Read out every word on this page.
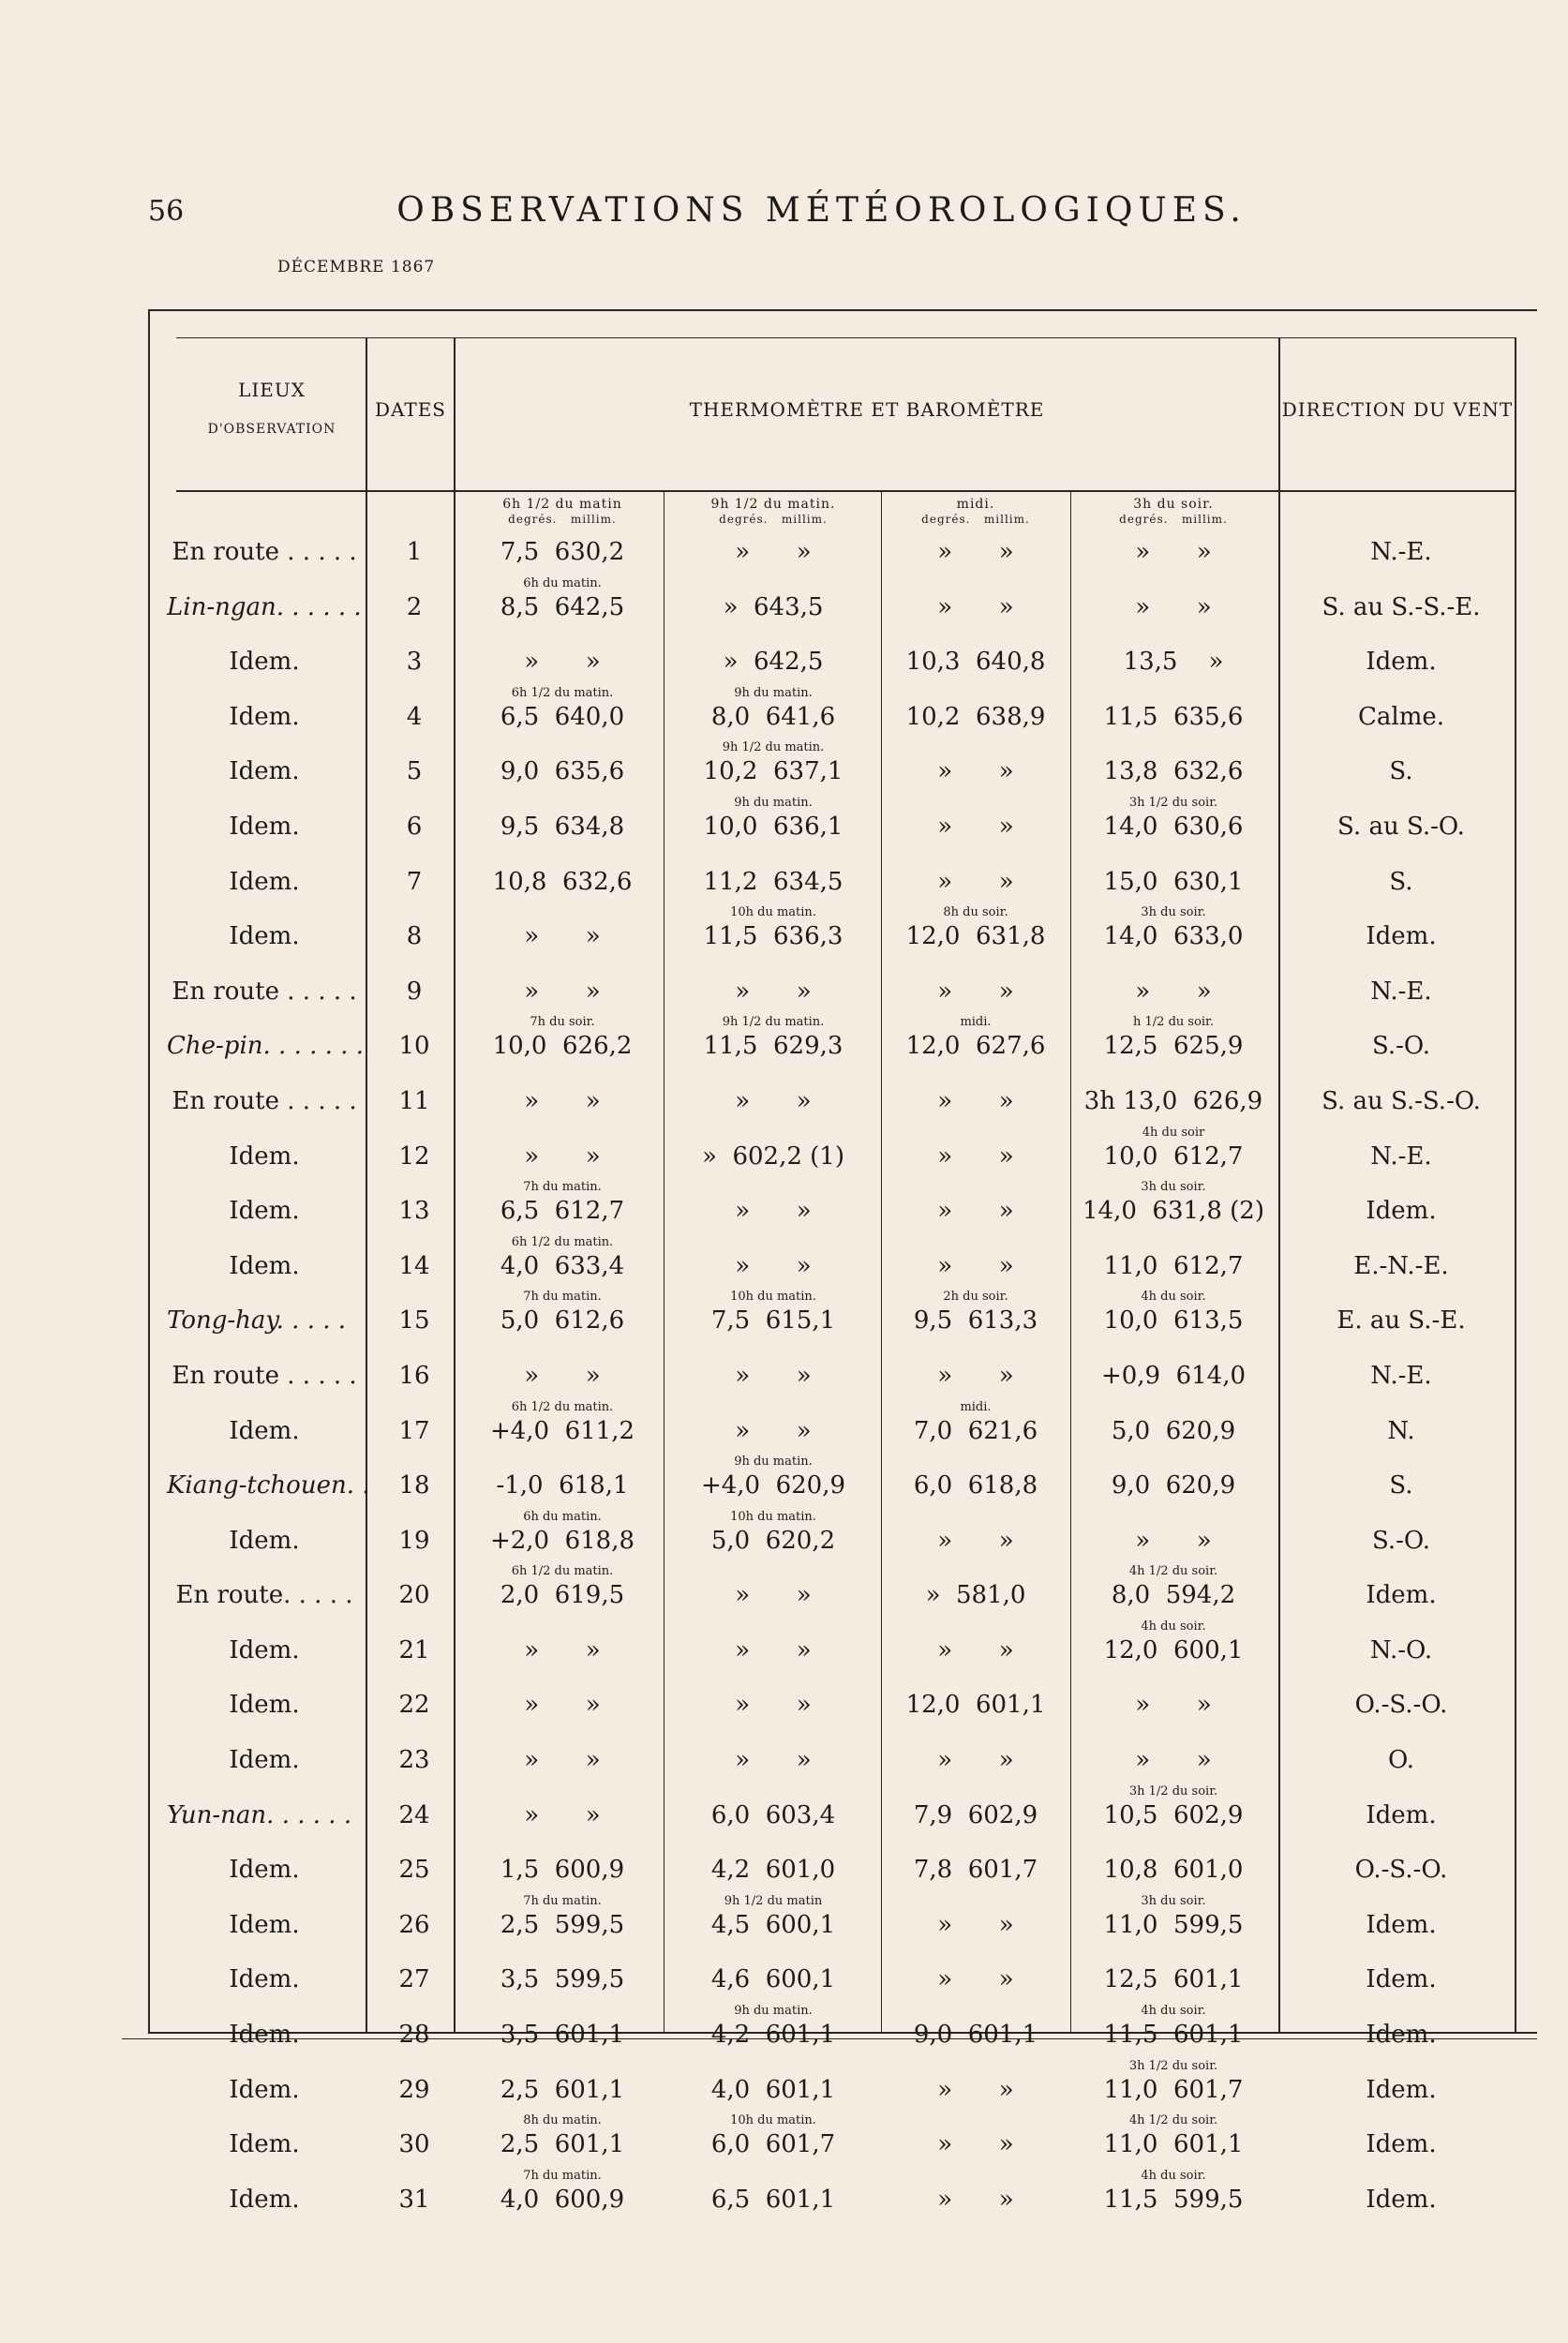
56	OBSERVATIONS MÉTÉOROLOGIQUES.
DÉCEMBRE 1867
LIEUX
D'OBSERVATION
DATES	THERMOMÈTRE ET BAROMÈTRE	DIRECTION DU VENT
6h 1/2 du matin	9h 1/2 du matin.	midi.	3h du soir.
degrés.   millim.	degrés.   millim.	degrés.   millim.	degrés.   millim.
En route . . . . .	1	7,5  630,2	»      »	»      »	»      »	N.-E.
Lin-ngan. . . . . .	2	8,5  642,5	»  643,5	»      »	»      »	S. au S.-S.-E.
6h du matin.
Idem.	3	»      »	»  642,5	10,3  640,8	13,5    »	Idem.
Idem.	4	6,5  640,0	8,0  641,6	10,2  638,9	11,5  635,6	Calme.
6h 1/2 du matin.	9h du matin.
Idem.	5	9,0  635,6	10,2  637,1	»      »	13,8  632,6	S.
9h 1/2 du matin.
Idem.	6	9,5  634,8	10,0  636,1	»      »	14,0  630,6	S. au S.-O.
9h du matin.	3h 1/2 du soir.
Idem.	7	10,8  632,6	11,2  634,5	»      »	15,0  630,1	S.
Idem.	8	»      »	11,5  636,3	12,0  631,8	14,0  633,0	Idem.
10h du matin.	8h du soir.	3h du soir.
En route . . . . .	9	»      »	»      »	»      »	»      »	N.-E.
Che-pin. . . . . . .	10	10,0  626,2	11,5  629,3	12,0  627,6	12,5  625,9	S.-O.
7h du soir.	9h 1/2 du matin.	midi.	h 1/2 du soir.
En route . . . . .	11	»      »	»      »	»      »	3h 13,0  626,9	S. au S.-S.-O.
Idem.	12	»      »	»  602,2 (1)	»      »	10,0  612,7	N.-E.
4h du soir
Idem.	13	6,5  612,7	»      »	»      »	14,0  631,8 (2)	Idem.
7h du matin.	3h du soir.
Idem.	14	4,0  633,4	»      »	»      »	11,0  612,7	E.-N.-E.
6h 1/2 du matin.
Tong-hay. . . . .	15	5,0  612,6	7,5  615,1	9,5  613,3	10,0  613,5	E. au S.-E.
7h du matin.	10h du matin.	2h du soir.	4h du soir.
En route . . . . .	16	»      »	»      »	»      »	+0,9  614,0	N.-E.
Idem.	17	+4,0  611,2	»      »	7,0  621,6	5,0  620,9	N.
6h 1/2 du matin.	midi.
Kiang-tchouen. .	18	-1,0  618,1	+4,0  620,9	6,0  618,8	9,0  620,9	S.
9h du matin.
Idem.	19	+2,0  618,8	5,0  620,2	»      »	»      »	S.-O.
6h du matin.	10h du matin.
En route. . . . .	20	2,0  619,5	»      »	»  581,0	8,0  594,2	Idem.
6h 1/2 du matin.	4h 1/2 du soir.
Idem.	21	»      »	»      »	»      »	12,0  600,1	N.-O.
4h du soir.
Idem.	22	»      »	»      »	12,0  601,1	»      »	O.-S.-O.
Idem.	23	»      »	»      »	»      »	»      »	O.
Yun-nan. . . . . .	24	»      »	6,0  603,4	7,9  602,9	10,5  602,9	Idem.
3h 1/2 du soir.
Idem.	25	1,5  600,9	4,2  601,0	7,8  601,7	10,8  601,0	O.-S.-O.
Idem.	26	2,5  599,5	4,5  600,1	»      »	11,0  599,5	Idem.
7h du matin.	9h 1/2 du matin	3h du soir.
Idem.	27	3,5  599,5	4,6  600,1	»      »	12,5  601,1	Idem.
Idem.	28	3,5  601,1	4,2  601,1	9,0  601,1	11,5  601,1	Idem.
9h du matin.	4h du soir.
Idem.	29	2,5  601,1	4,0  601,1	»      »	11,0  601,7	Idem.
3h 1/2 du soir.
Idem.	30	2,5  601,1	6,0  601,7	»      »	11,0  601,1	Idem.
8h du matin.	10h du matin.	4h 1/2 du soir.
Idem.	31	4,0  600,9	6,5  601,1	»      »	11,5  599,5	Idem.
7h du matin.	4h du soir.
